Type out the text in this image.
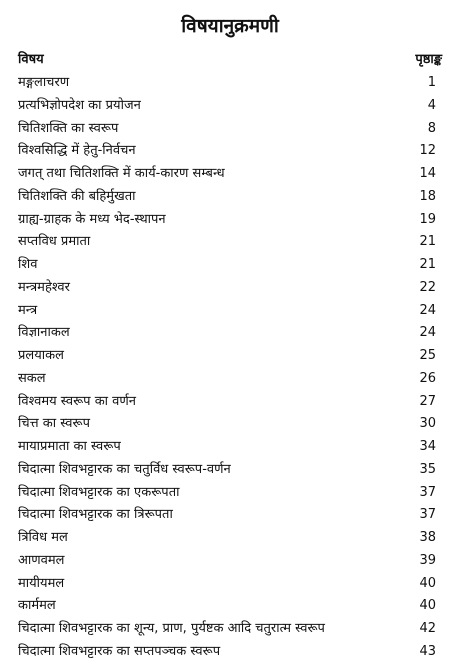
विषयानुक्रमणी
विषय	पृष्ठाङ्क
मङ्गलाचरण	1
प्रत्यभिज्ञोपदेश का प्रयोजन	4
चितिशक्ति का स्वरूप	8
विश्वसिद्धि में हेतु-निर्वचन	12
जगत् तथा चितिशक्ति में कार्य-कारण सम्बन्ध	14
चितिशक्ति की बहिर्मुखता	18
ग्राह्य-ग्राहक के मध्य भेद-स्थापन	19
सप्तविध प्रमाता	21
शिव	21
मन्त्रमहेश्वर	22
मन्त्र	24
विज्ञानाकल	24
प्रलयाकल	25
सकल	26
विश्वमय स्वरूप का वर्णन	27
चित्त का स्वरूप	30
मायाप्रमाता का स्वरूप	34
चिदात्मा शिवभट्टारक का चतुर्विध स्वरूप-वर्णन	35
चिदात्मा शिवभट्टारक का एकरूपता	37
चिदात्मा शिवभट्टारक का त्रिरूपता	37
त्रिविध मल	38
आणवमल	39
मायीयमल	40
कार्ममल	40
चिदात्मा शिवभट्टारक का शून्य, प्राण, पुर्यष्टक आदि चतुरात्म स्वरूप	42
चिदात्मा शिवभट्टारक का सप्तपञ्चक स्वरूप	43
